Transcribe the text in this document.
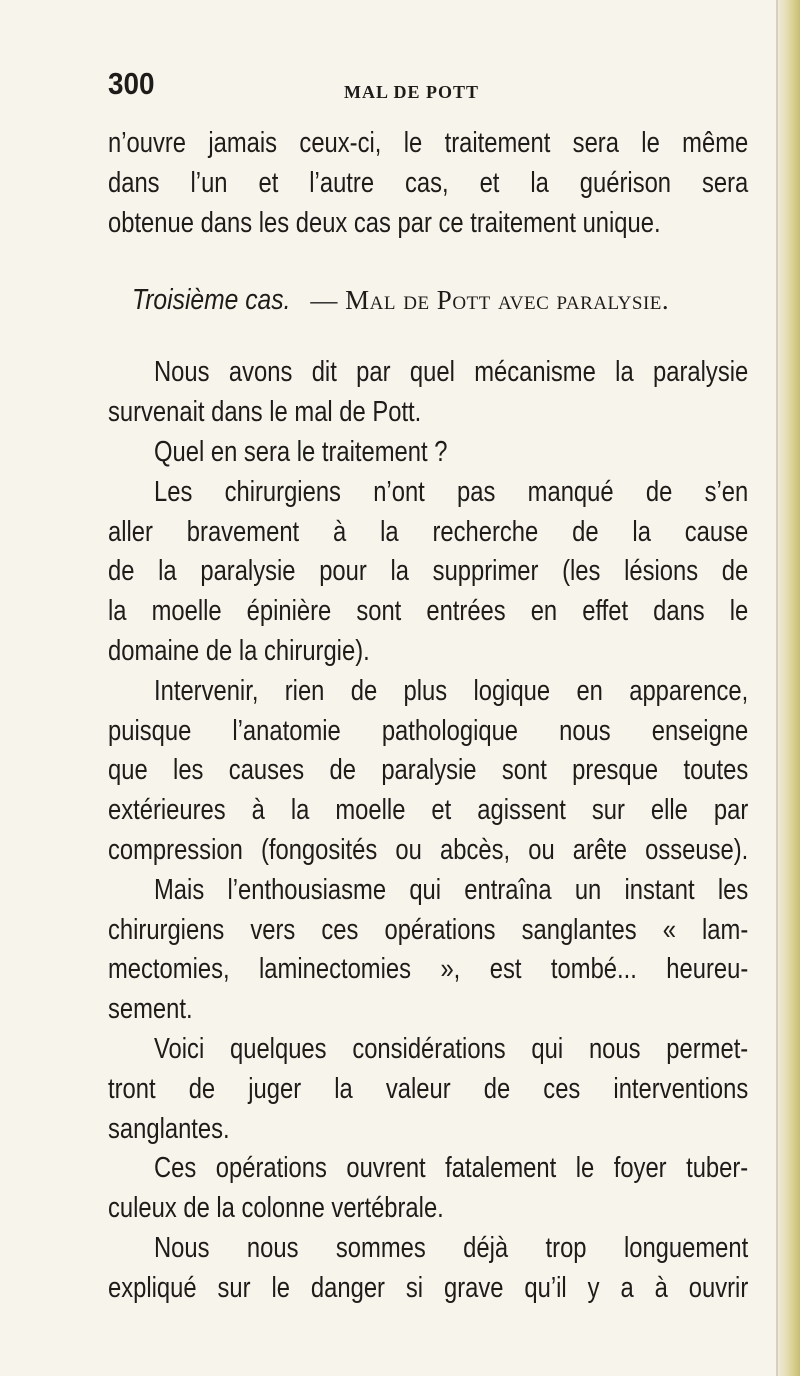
300	MAL DE POTT
n’ouvre jamais ceux-ci, le traitement sera le même
dans l’un et l’autre cas, et la guérison sera
obtenue dans les deux cas par ce traitement unique.
Troisième cas. — Mal de Pott avec paralysie.
Nous avons dit par quel mécanisme la paralysie
survenait dans le mal de Pott.
Quel en sera le traitement ?
Les chirurgiens n’ont pas manqué de s’en
aller bravement à la recherche de la cause
de la paralysie pour la supprimer (les lésions de
la moelle épinière sont entrées en effet dans le
domaine de la chirurgie).
Intervenir, rien de plus logique en apparence,
puisque l’anatomie pathologique nous enseigne
que les causes de paralysie sont presque toutes
extérieures à la moelle et agissent sur elle par
compression (fongosités ou abcès, ou arête osseuse).
Mais l’enthousiasme qui entraîna un instant les
chirurgiens vers ces opérations sanglantes « lam-
mectomies, laminectomies », est tombé... heureu-
sement.
Voici quelques considérations qui nous permet-
tront de juger la valeur de ces interventions
sanglantes.
Ces opérations ouvrent fatalement le foyer tuber-
culeux de la colonne vertébrale.
Nous nous sommes déjà trop longuement
expliqué sur le danger si grave qu’il y a à ouvrir
